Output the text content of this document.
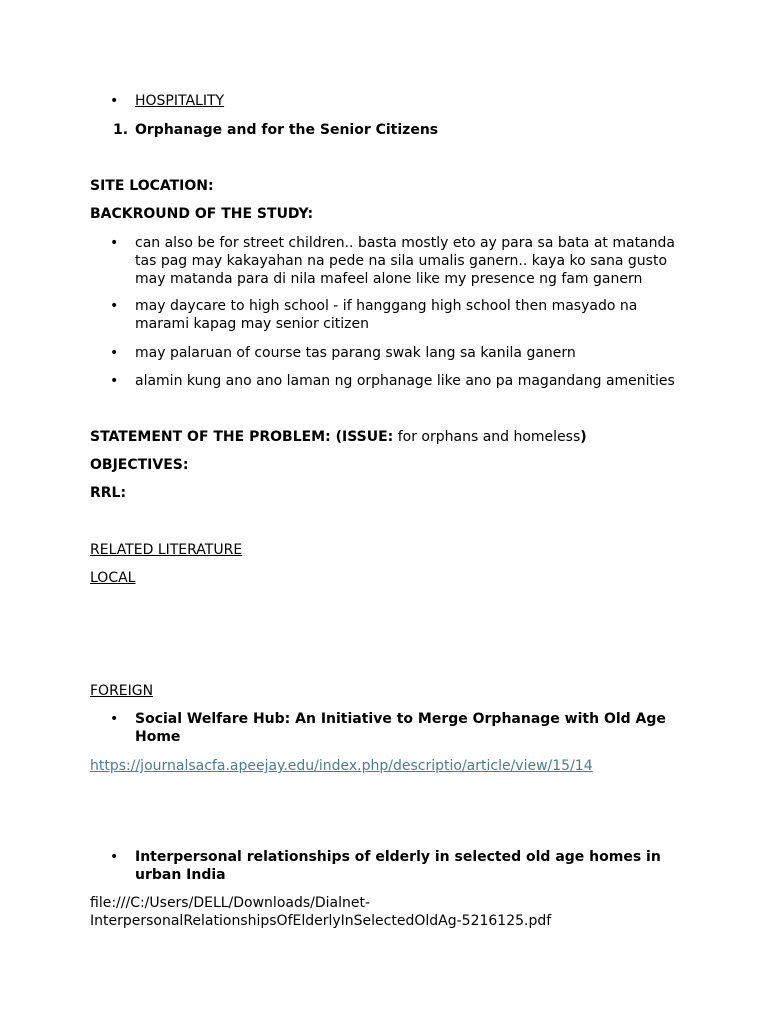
• HOSPITALITY
1. Orphanage and for the Senior Citizens
SITE LOCATION:
BACKROUND OF THE STUDY:
• can also be for street children.. basta mostly eto ay para sa bata at matanda tas pag may kakayahan na pede na sila umalis ganern.. kaya ko sana gusto may matanda para di nila mafeel alone like my presence ng fam ganern
• may daycare to high school - if hanggang high school then masyado na marami kapag may senior citizen
• may palaruan of course tas parang swak lang sa kanila ganern
• alamin kung ano ano laman ng orphanage like ano pa magandang amenities
STATEMENT OF THE PROBLEM: (ISSUE: for orphans and homeless)
OBJECTIVES:
RRL:
RELATED LITERATURE
LOCAL
FOREIGN
• Social Welfare Hub: An Initiative to Merge Orphanage with Old Age Home
https://journalsacfa.apeejay.edu/index.php/descriptio/article/view/15/14
• Interpersonal relationships of elderly in selected old age homes in urban India
file:///C:/Users/DELL/Downloads/Dialnet-
InterpersonalRelationshipsOfElderlyInSelectedOldAg-5216125.pdf
